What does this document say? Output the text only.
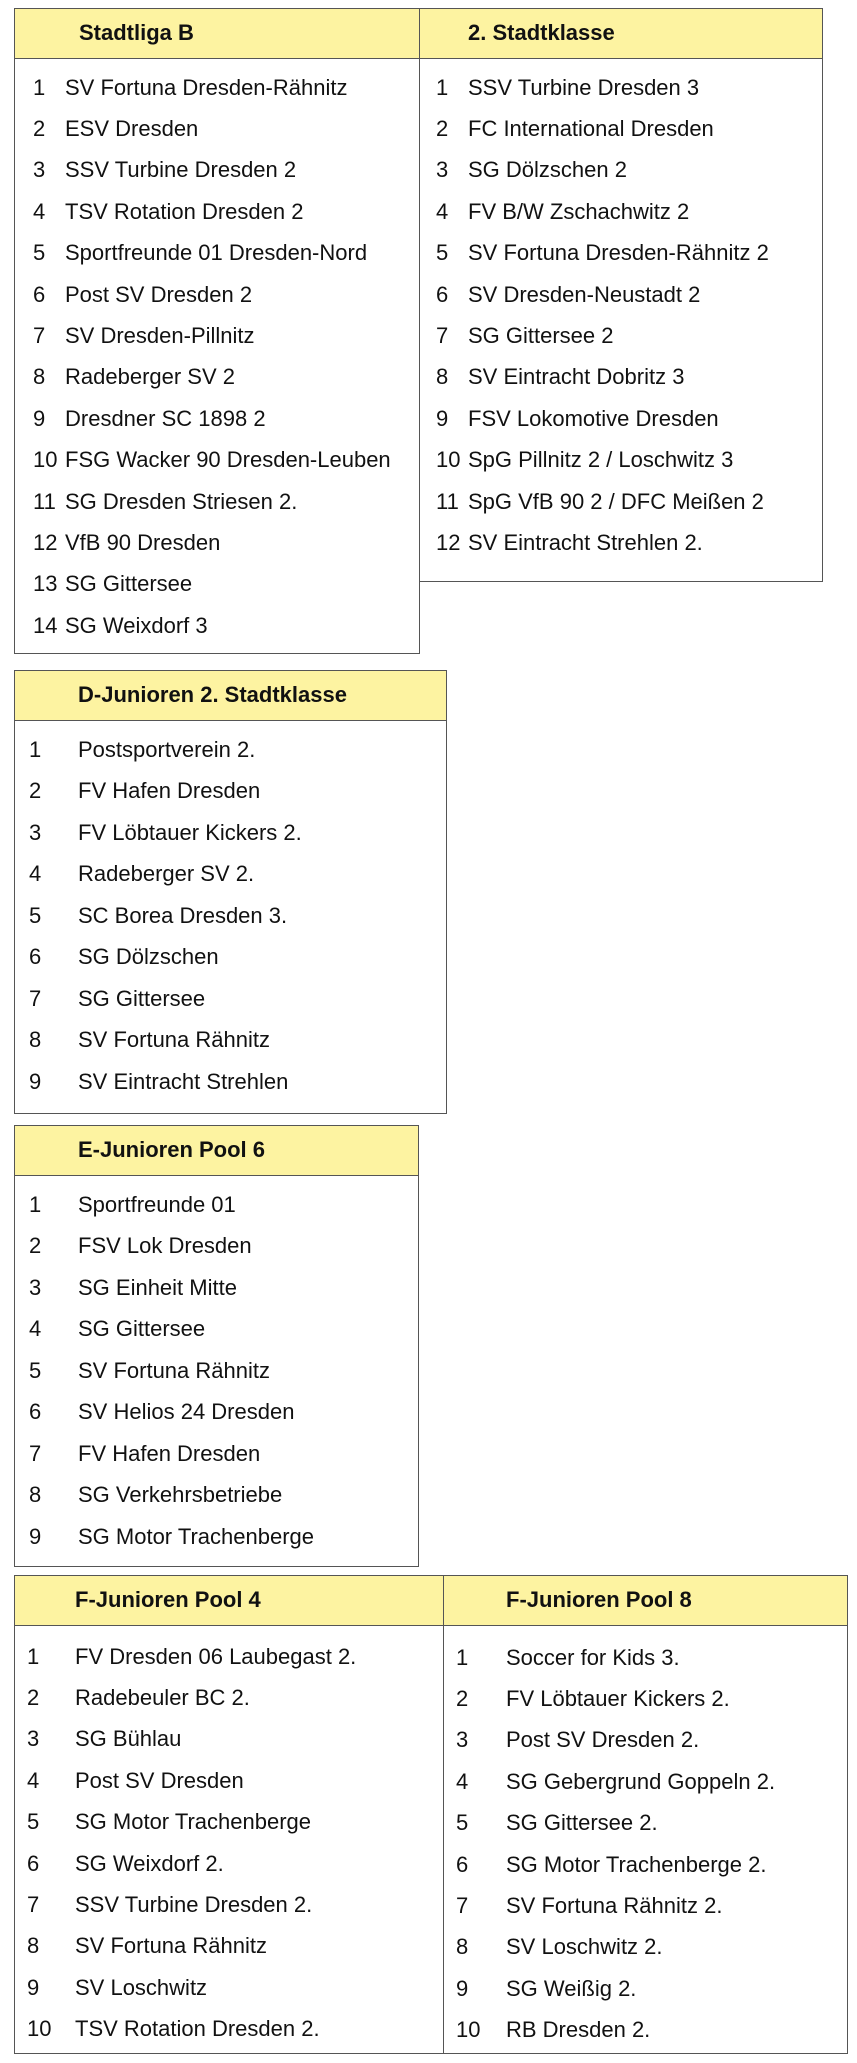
Stadtliga B
1 SV Fortuna Dresden-Rähnitz
2 ESV Dresden
3 SSV Turbine Dresden 2
4 TSV Rotation Dresden 2
5 Sportfreunde 01 Dresden-Nord
6 Post SV Dresden 2
7 SV Dresden-Pillnitz
8 Radeberger SV 2
9 Dresdner SC 1898 2
10 FSG Wacker 90 Dresden-Leuben
11 SG Dresden Striesen 2.
12 VfB 90 Dresden
13 SG Gittersee
14 SG Weixdorf 3
2. Stadtklasse
1 SSV Turbine Dresden 3
2 FC International Dresden
3 SG Dölzschen 2
4 FV B/W Zschachwitz 2
5 SV Fortuna Dresden-Rähnitz 2
6 SV Dresden-Neustadt 2
7 SG Gittersee 2
8 SV Eintracht Dobritz 3
9 FSV Lokomotive Dresden
10 SpG Pillnitz 2 / Loschwitz 3
11 SpG VfB 90 2 / DFC Meißen 2
12 SV Eintracht Strehlen 2.
D-Junioren 2. Stadtklasse
1 Postsportverein 2.
2 FV Hafen Dresden
3 FV Löbtauer Kickers 2.
4 Radeberger SV 2.
5 SC Borea Dresden 3.
6 SG Dölzschen
7 SG Gittersee
8 SV Fortuna Rähnitz
9 SV Eintracht Strehlen
E-Junioren Pool 6
1 Sportfreunde 01
2 FSV Lok Dresden
3 SG Einheit Mitte
4 SG Gittersee
5 SV Fortuna Rähnitz
6 SV Helios 24 Dresden
7 FV Hafen Dresden
8 SG Verkehrsbetriebe
9 SG Motor Trachenberge
F-Junioren Pool 4
1 FV Dresden 06 Laubegast 2.
2 Radebeuler BC 2.
3 SG Bühlau
4 Post SV Dresden
5 SG Motor Trachenberge
6 SG Weixdorf 2.
7 SSV Turbine Dresden 2.
8 SV Fortuna Rähnitz
9 SV Loschwitz
10 TSV Rotation Dresden 2.
F-Junioren Pool 8
1 Soccer for Kids 3.
2 FV Löbtauer Kickers 2.
3 Post SV Dresden 2.
4 SG Gebergrund Goppeln 2.
5 SG Gittersee 2.
6 SG Motor Trachenberge 2.
7 SV Fortuna Rähnitz 2.
8 SV Loschwitz 2.
9 SG Weißig 2.
10 RB Dresden 2.
